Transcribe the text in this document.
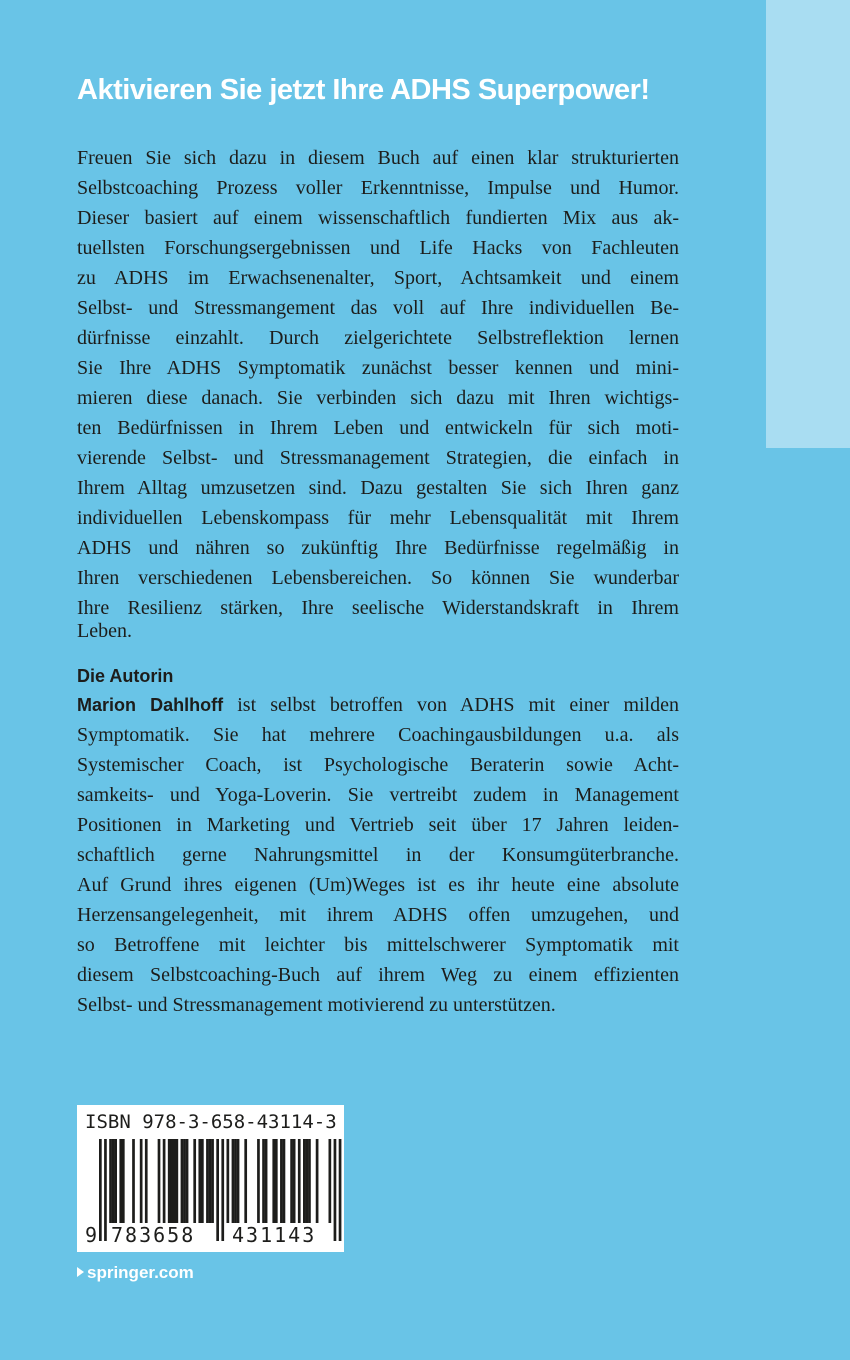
Aktivieren Sie jetzt Ihre ADHS Superpower!
Freuen Sie sich dazu in diesem Buch auf einen klar strukturierten
Selbstcoaching Prozess voller Erkenntnisse, Impulse und Humor.
Dieser basiert auf einem wissenschaftlich fundierten Mix aus ak-
tuellsten Forschungsergebnissen und Life Hacks von Fachleuten
zu ADHS im Erwachsenenalter, Sport, Achtsamkeit und einem
Selbst- und Stressmangement das voll auf Ihre individuellen Be-
dürfnisse einzahlt. Durch zielgerichtete Selbstreflektion lernen
Sie Ihre ADHS Symptomatik zunächst besser kennen und mini-
mieren diese danach. Sie verbinden sich dazu mit Ihren wichtigs-
ten Bedürfnissen in Ihrem Leben und entwickeln für sich moti-
vierende Selbst- und Stressmanagement Strategien, die einfach in
Ihrem Alltag umzusetzen sind. Dazu gestalten Sie sich Ihren ganz
individuellen Lebenskompass für mehr Lebensqualität mit Ihrem
ADHS und nähren so zukünftig Ihre Bedürfnisse regelmäßig in
Ihren verschiedenen Lebensbereichen. So können Sie wunderbar
Ihre Resilienz stärken, Ihre seelische Widerstandskraft in Ihrem
Leben.
Die Autorin
Marion Dahlhoff ist selbst betroffen von ADHS mit einer milden
Symptomatik. Sie hat mehrere Coachingausbildungen u.a. als
Systemischer Coach, ist Psychologische Beraterin sowie Acht-
samkeits- und Yoga-Loverin. Sie vertreibt zudem in Management
Positionen in Marketing und Vertrieb seit über 17 Jahren leiden-
schaftlich gerne Nahrungsmittel in der Konsumgüterbranche.
Auf Grund ihres eigenen (Um)Weges ist es ihr heute eine absolute
Herzensangelegenheit, mit ihrem ADHS offen umzugehen, und
so Betroffene mit leichter bis mittelschwerer Symptomatik mit
diesem Selbstcoaching-Buch auf ihrem Weg zu einem effizienten
Selbst- und Stressmanagement motivierend zu unterstützen.
ISBN 978-3-658-43114-3
9 783658 431143
springer.com
